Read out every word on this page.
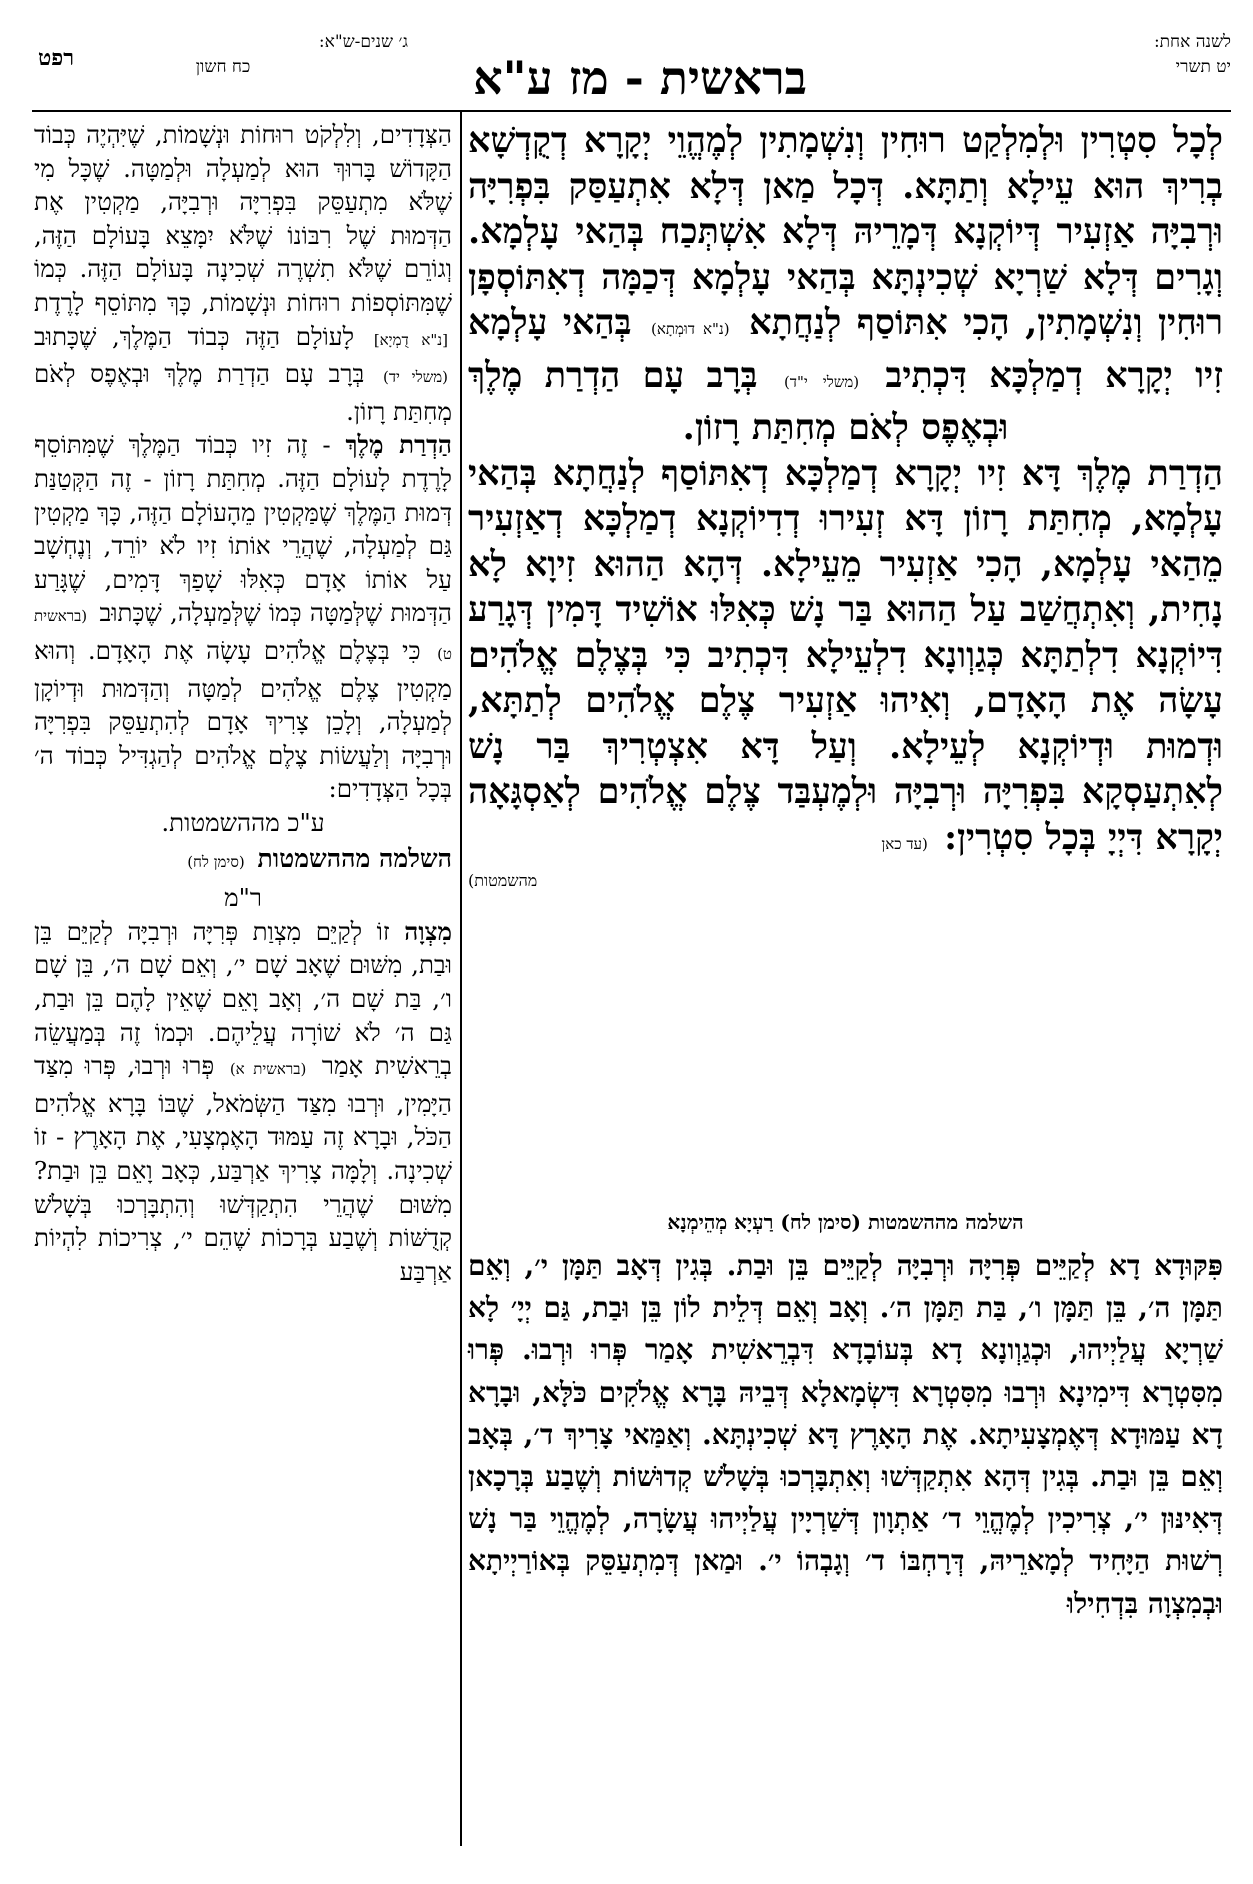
לשנה אחת:
יט תשרי
בראשית - מז ע"א
ג׳ שנים-ש"א:
כח חשון
רפט

לְכָל סִטְרִין וּלְמִלְקַט רוּחִין וְנִשְׁמָתִין לְמֶהֱוֵי יְקָרָא דְקֻדְשָׁא בְרִיךְ הוּא עֵילָא וְתַתָּא. דְּכָל מַאן דְּלָא אִתְעַסַּק בִּפְרִיָּה וּרְבִיָּה אַזְעִיר דְּיוֹקְנָא דְּמָרֵיהּ דְּלָא אִשְׁתְּכַח בְּהַאי עָלְמָא. וְגָרִים דְּלָא שַׁרְיָא שְׁכִינְתָּא בְּהַאי עָלְמָא דְּכַמָּה דְאִתּוֹסְפָן רוּחִין וְנִשְׁמָתִין, הָכִי אִתּוֹסַף לְנַחֲתָא (נ"א דוּמְתָא) בְּהַאי עָלְמָא זִיו יְקָרָא דְמַלְכָּא דִּכְתִיב (משלי י"ד) בְּרָב עָם הַדְרַת מֶלֶךְ

וּבְאֶפֶס לְאֹם מְחִתַּת רָזוֹן.

הַדְרַת מֶלֶךְ דָּא זִיו יְקָרָא דְמַלְכָּא דְאִתּוֹסַף לְנַחֲתָא בְּהַאי עָלְמָא, מְחִתַּת רָזוֹן דָּא זְעִירוּ דְדִיוֹקְנָא דְמַלְכָּא דְאַזְעִיר מֵהַאי עָלְמָא, הָכִי אַזְעִיר מֵעֵילָא. דְּהָא הַהוּא זִיוָא לָא נָחִית, וְאִתְחֲשַׁב עַל הַהוּא בַּר נָשׁ כְּאִלּוּ אוֹשִׁיד דָּמִין דְּגָרַע דִּיוֹקְנָא דִלְתַתָּא כְּגַוְונָא דִלְעֵילָא דִּכְתִיב כִּי בְּצֶלֶם אֱלֹהִים עָשָׂה אֶת הָאָדָם, וְאִיהוּ אַזְעִיר צֶלֶם אֱלֹהִים לְתַתָּא, וּדְמוּת וּדְיוֹקְנָא לְעֵילָא. וְעַל דָּא אִצְטְרִיךְ בַּר נָשׁ לְאִתְעַסְקָא בִּפְרִיָּה וּרְבִיָּה וּלְמֶעְבַּד צֶלֶם אֱלֹהִים לְאַסְגָּאָה יְקָרָא דִּיְיָ בְּכָל סִטְרִין: (עד כאן

מהשמטות)
השלמה מההשמטות (סימן לח) רַעְיָא מְהֵימְנָא

פִּקּוּדָא דָא לְקַיֵּים פְּרִיָּה וּרְבִיָּה לְקַיֵּים בֵּן וּבַת. בְּגִין דְּאָב תַּמָּן י׳, וְאֵם תַּמָּן ה׳, בֵּן תַּמָּן ו׳, בַּת תַּמָּן ה׳. וְאָב וְאֵם דְּלֵית לוֹן בֵּן וּבַת, גַּם יְיָ׳ לָא שַׁרְיָא עֲלַיְיהוּ, וּכְגַוְונָא דָא בְּעוֹבָדָא דִּבְרֵאשִׁית אָמַר פְּרוּ וּרְבוּ. פְּרוּ מִסִּטְרָא דִּימִינָא וּרְבוּ מִסִּטְרָא דִּשְׂמָאלָא דְּבֵיהּ בָּרָא אֱלֹקִים כֹּלָּא, וּבָרָא דָא עַמּוּדָא דְּאֶמְצָעִיתָא. אֶת הָאָרֶץ דָּא שְׁכִינְתָּא. וְאַמַּאי צָרִיךְ ד׳, בְּאָב וְאֵם בֵּן וּבַת. בְּגִין דְּהָא אִתְקַדְּשׁוּ וְאִתְבָּרְכוּ בְּשָׁלֹשׁ קְדוּשׁוֹת וְשֶׁבַע בְּרָכָאן דְּאִינּוּן י׳, צְרִיכִין לְמֶהֱוֵי ד׳ אַתְוָון דְּשַׁרְיָין עֲלַיְיהוּ עֲשָׂרָה, לְמֶהֱוֵי בַּר נָשׁ רְשׁוּת הַיָּחִיד לְמָארֵיהּ, דְּרָחְבּוֹ ד׳ וְגָבְהוֹ י׳. וּמַאן דְּמִתְעַסֵּק בְּאוֹרַיְיתָא וּבְמִצְוָה בִּדְחִילוּ

הַצְּדָדִים, וְלִלְקֹט רוּחוֹת וּנְשָׁמוֹת, שֶׁיִּהְיֶה כְּבוֹד הַקָּדוֹשׁ בָּרוּךְ הוּא לְמַעְלָה וּלְמַטָּה. שֶׁכָּל מִי שֶׁלֹּא מִתְעַסֵּק בִּפְרִיָּה וּרְבִיָּה, מַקְטִין אֶת הַדְּמוּת שֶׁל רִבּוֹנוֹ שֶׁלֹּא יִמָּצֵא בָּעוֹלָם הַזֶּה, וְגוֹרֵם שֶׁלֹּא תִשְׁרֶה שְׁכִינָה בָּעוֹלָם הַזֶּה. כְּמוֹ שֶׁמִּתּוֹסְפוֹת רוּחוֹת וּנְשָׁמוֹת, כָּךְ מִתּוֹסֵף לָרֶדֶת [נ"א דֻמְיָא] לָעוֹלָם הַזֶּה כְּבוֹד הַמֶּלֶךְ, שֶׁכָּתוּב (משלי יד) בְּרָב עָם הַדְרַת מֶלֶךְ וּבְאֶפֶס לְאֹם מְחִתַּת רָזוֹן.

הַדְרַת מֶלֶךְ - זֶה זִיו כְּבוֹד הַמֶּלֶךְ שֶׁמִּתּוֹסֵף לָרֶדֶת לָעוֹלָם הַזֶּה. מְחִתַּת רָזוֹן - זֶה הַקְּטַנַּת דְּמוּת הַמֶּלֶךְ שֶׁמַּקְטִין מֵהָעוֹלָם הַזֶּה, כָּךְ מַקְטִין גַּם לְמַעְלָה, שֶׁהֲרֵי אוֹתוֹ זִיו לֹא יוֹרֵד, וְנֶחְשָׁב עַל אוֹתוֹ אָדָם כְּאִלּוּ שָׁפַךְ דָּמִים, שֶׁגָּרַע הַדְּמוּת שֶׁלְּמַטָּה כְּמוֹ שֶׁלְּמַעְלָה, שֶׁכָּתוּב (בראשית ט) כִּי בְּצֶלֶם אֱלֹהִים עָשָׂה אֶת הָאָדָם. וְהוּא מַקְטִין צֶלֶם אֱלֹהִים לְמַטָּה וְהַדְּמוּת וּדְיוֹקָן לְמַעְלָה, וְלָכֵן צָרִיךְ אָדָם לְהִתְעַסֵּק בִּפְרִיָּה וּרְבִיָּה וְלַעֲשׂוֹת צֶלֶם אֱלֹהִים לְהַגְדִּיל כְּבוֹד ה׳ בְּכָל הַצְּדָדִים:

ע"כ מההשמטות.

השלמה מההשמטות (סימן לח)

ר"מ

מִצְוָה זוֹ לְקַיֵּם מִצְוַת פְּרִיָּה וּרְבִיָּה לְקַיֵּם בֵּן וּבַת, מִשּׁוּם שֶׁאָב שָׁם י׳, וְאֵם שָׁם ה׳, בֵּן שָׁם ו׳, בַּת שָׁם ה׳, וְאָב וָאֵם שֶׁאֵין לָהֶם בֵּן וּבַת, גַּם ה׳ לֹא שׁוֹרָה עֲלֵיהֶם. וּכְמוֹ זֶה בְּמַעֲשֵׂה בְרֵאשִׁית אָמַר (בראשית א) פְּרוּ וּרְבוּ, פְּרוּ מִצַּד הַיָּמִין, וּרְבוּ מִצַּד הַשְּׂמֹאל, שֶׁבּוֹ בָּרָא אֱלֹהִים הַכֹּל, וּבָרָא זֶה עַמּוּד הָאֶמְצָעִי, אֶת הָאָרֶץ - זוֹ שְׁכִינָה. וְלָמָּה צָרִיךְ אַרְבַּע, כְּאָב וָאֵם בֵּן וּבַת? מִשּׁוּם שֶׁהֲרֵי הִתְקַדְּשׁוּ וְהִתְבָּרְכוּ בְּשָׁלֹשׁ קְדֻשּׁוֹת וְשֶׁבַע בְּרָכוֹת שֶׁהֵם י׳, צְרִיכוֹת לִהְיוֹת אַרְבַּע
